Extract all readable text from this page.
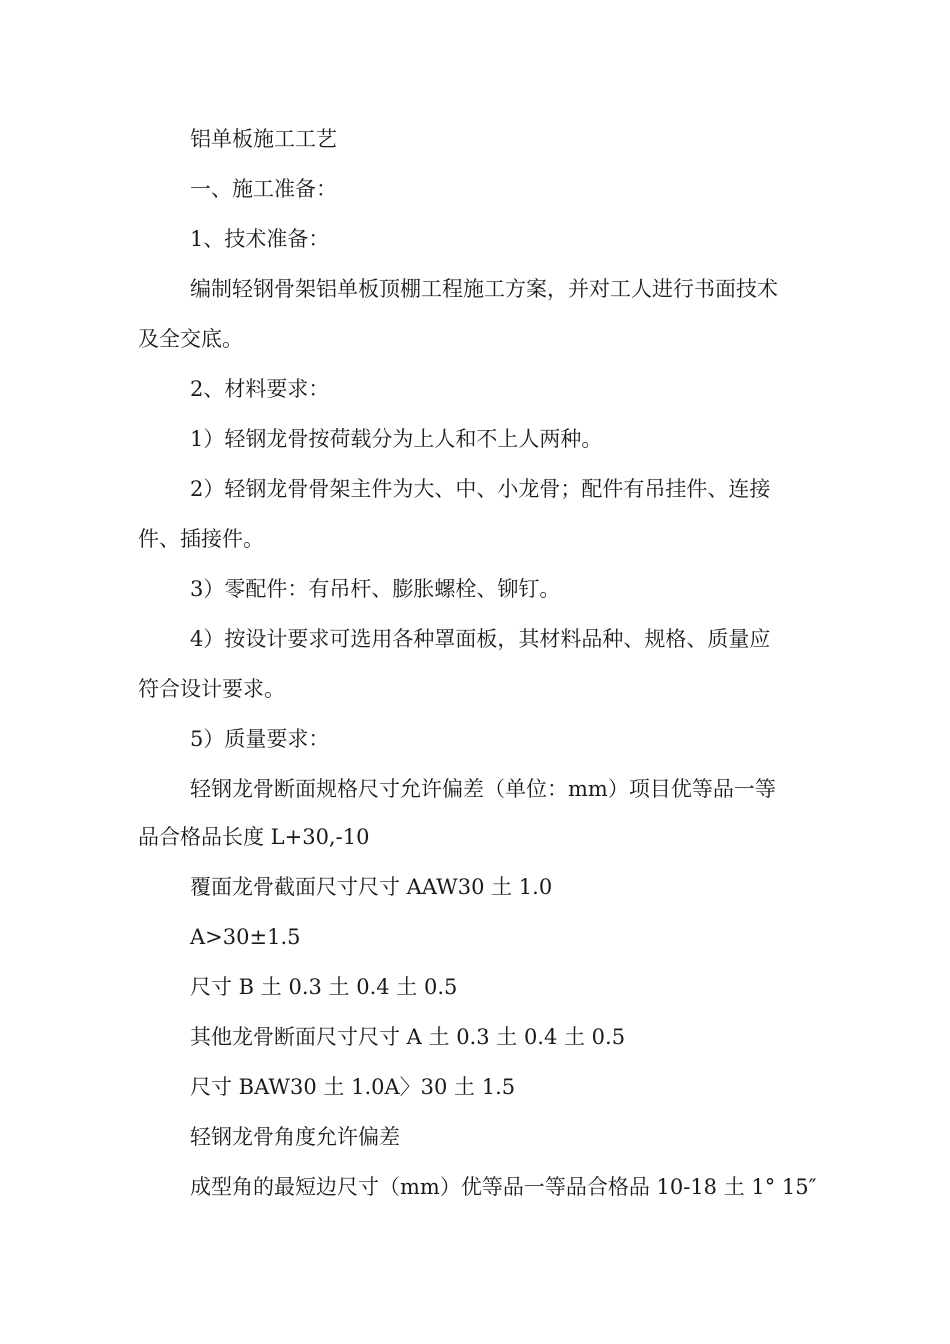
铝单板施工工艺
一、施工准备：
1、技术准备：
编制轻钢骨架铝单板顶棚工程施工方案，并对工人进行书面技术
及全交底。
2、材料要求：
1）轻钢龙骨按荷载分为上人和不上人两种。
2）轻钢龙骨骨架主件为大、中、小龙骨；配件有吊挂件、连接
件、插接件。
3）零配件：有吊杆、膨胀螺栓、铆钉。
4）按设计要求可选用各种罩面板，其材料品种、规格、质量应
符合设计要求。
5）质量要求：
轻钢龙骨断面规格尺寸允许偏差（单位：mm）项目优等品一等
品合格品长度 L+30,-10
覆面龙骨截面尺寸尺寸 AAW30 土 1.0
A>30±1.5
尺寸 B 土 0.3 土 0.4 土 0.5
其他龙骨断面尺寸尺寸 A 土 0.3 土 0.4 土 0.5
尺寸 BAW30 土 1.0A〉30 土 1.5
轻钢龙骨角度允许偏差
成型角的最短边尺寸（mm）优等品一等品合格品 10-18 土 1° 15″
